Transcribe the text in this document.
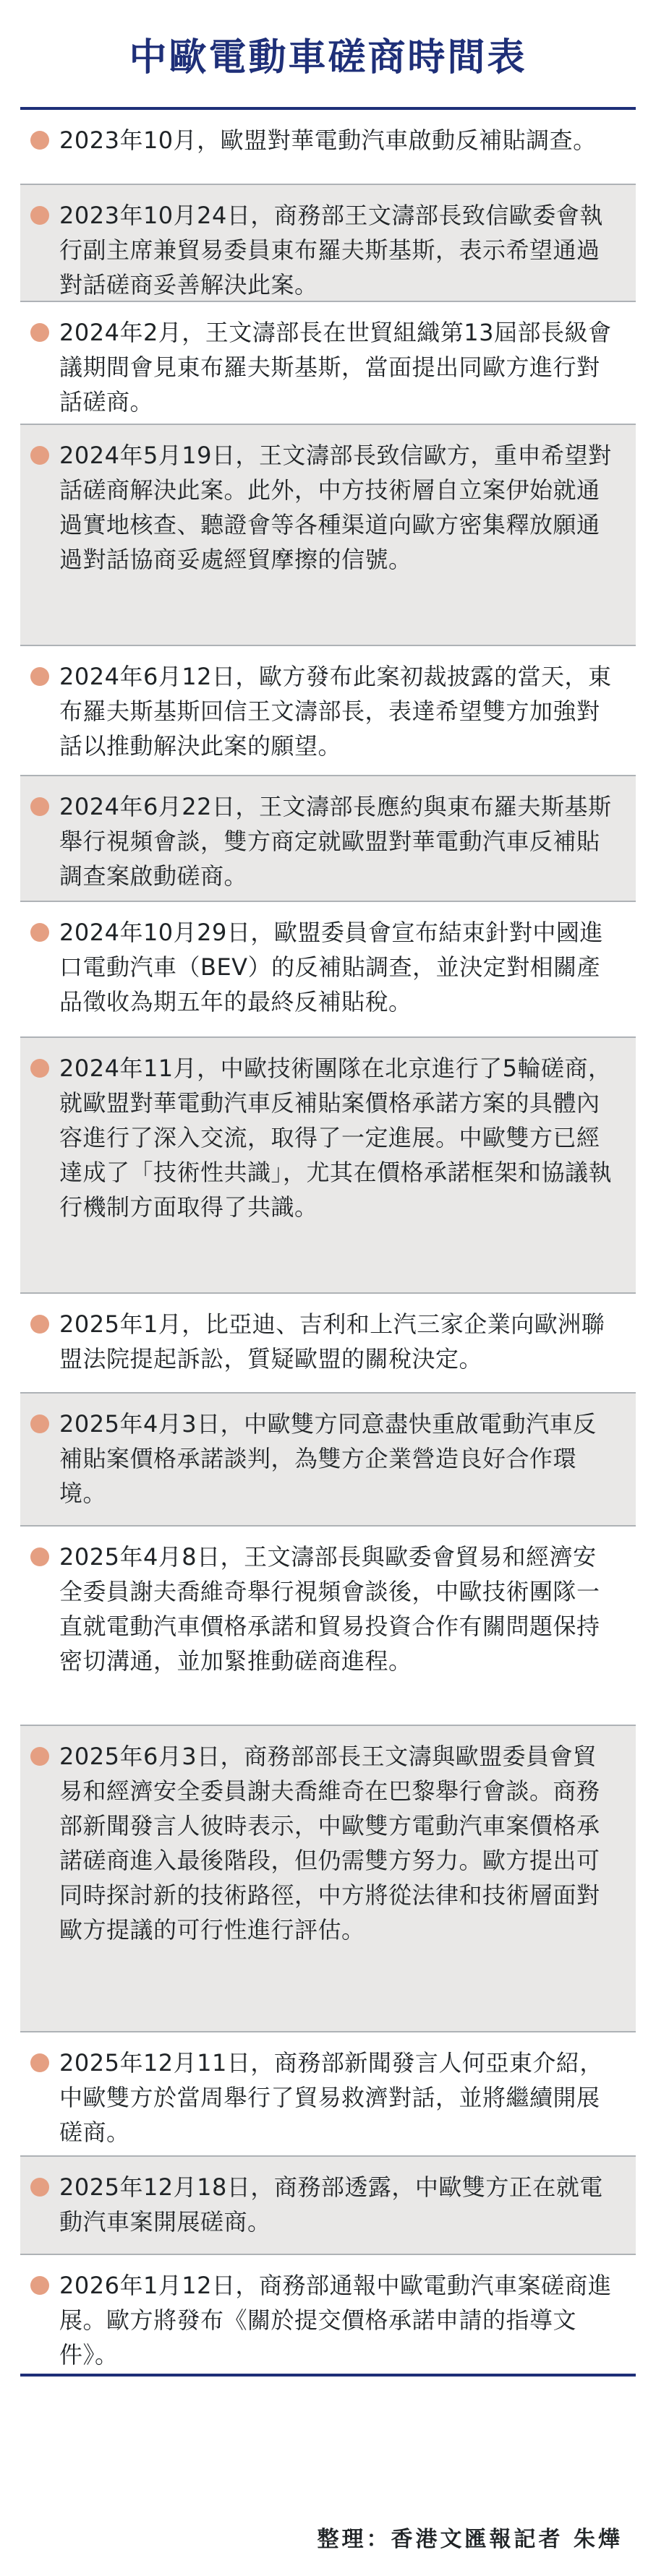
中歐電動車磋商時間表
2023年10月，歐盟對華電動汽車啟動反補貼調查。
2023年10月24日，商務部王文濤部長致信歐委會執行副主席兼貿易委員東布羅夫斯基斯，表示希望通過對話磋商妥善解決此案。
2024年2月，王文濤部長在世貿組織第13屆部長級會議期間會見東布羅夫斯基斯，當面提出同歐方進行對話磋商。
2024年5月19日，王文濤部長致信歐方，重申希望對話磋商解決此案。此外，中方技術層自立案伊始就通過實地核查、聽證會等各種渠道向歐方密集釋放願通過對話協商妥處經貿摩擦的信號。
2024年6月12日，歐方發布此案初裁披露的當天，東布羅夫斯基斯回信王文濤部長，表達希望雙方加強對話以推動解決此案的願望。
2024年6月22日，王文濤部長應約與東布羅夫斯基斯舉行視頻會談，雙方商定就歐盟對華電動汽車反補貼調查案啟動磋商。
2024年10月29日，歐盟委員會宣布結束針對中國進口電動汽車（BEV）的反補貼調查，並決定對相關產品徵收為期五年的最終反補貼稅。
2024年11月，中歐技術團隊在北京進行了5輪磋商，就歐盟對華電動汽車反補貼案價格承諾方案的具體內容進行了深入交流，取得了一定進展。中歐雙方已經達成了「技術性共識」，尤其在價格承諾框架和協議執行機制方面取得了共識。
2025年1月，比亞迪、吉利和上汽三家企業向歐洲聯盟法院提起訴訟，質疑歐盟的關稅決定。
2025年4月3日，中歐雙方同意盡快重啟電動汽車反補貼案價格承諾談判，為雙方企業營造良好合作環境。
2025年4月8日，王文濤部長與歐委會貿易和經濟安全委員謝夫喬維奇舉行視頻會談後，中歐技術團隊一直就電動汽車價格承諾和貿易投資合作有關問題保持密切溝通，並加緊推動磋商進程。
2025年6月3日，商務部部長王文濤與歐盟委員會貿易和經濟安全委員謝夫喬維奇在巴黎舉行會談。商務部新聞發言人彼時表示，中歐雙方電動汽車案價格承諾磋商進入最後階段，但仍需雙方努力。歐方提出可同時探討新的技術路徑，中方將從法律和技術層面對歐方提議的可行性進行評估。
2025年12月11日，商務部新聞發言人何亞東介紹，中歐雙方於當周舉行了貿易救濟對話，並將繼續開展磋商。
2025年12月18日，商務部透露，中歐雙方正在就電動汽車案開展磋商。
2026年1月12日，商務部通報中歐電動汽車案磋商進展。歐方將發布《關於提交價格承諾申請的指導文件》。
整理：香港文匯報記者 朱燁
